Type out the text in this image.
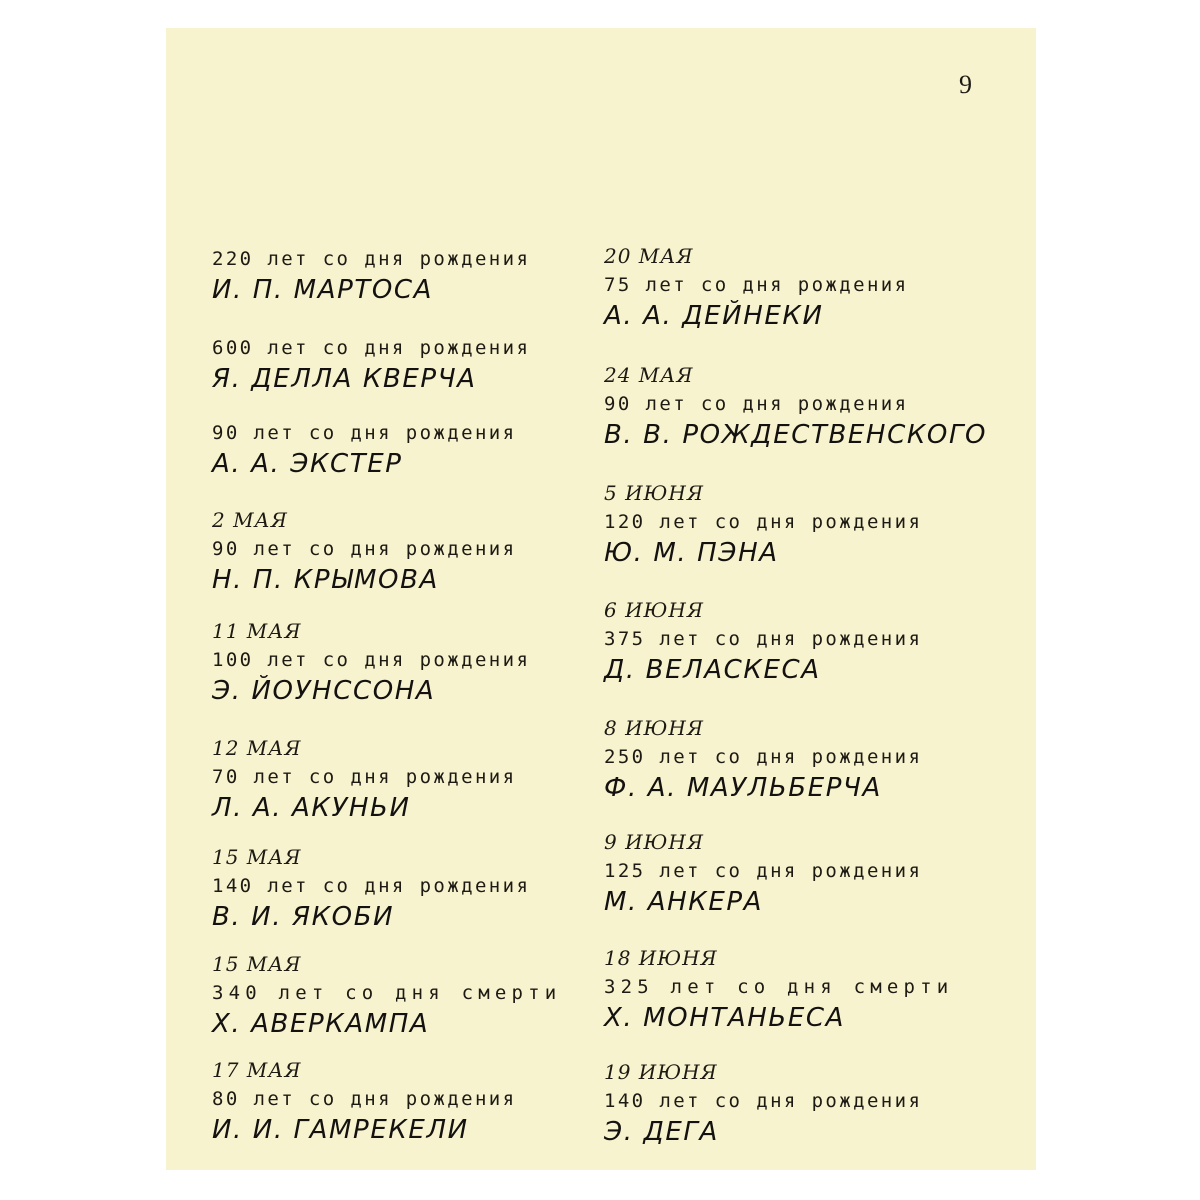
9
220 лет со дня рождения
И. П. МАРТОСА
600 лет со дня рождения
Я. ДЕЛЛА КВЕРЧА
90 лет со дня рождения
А. А. ЭКСТЕР
2 МАЯ
90 лет со дня рождения
Н. П. КРЫМОВА
11 МАЯ
100 лет со дня рождения
Э. ЙОУНССОНА
12 МАЯ
70 лет со дня рождения
Л. А. АКУНЬИ
15 МАЯ
140 лет со дня рождения
В. И. ЯКОБИ
15 МАЯ
340 лет со дня смерти
Х. АВЕРКАМПА
17 МАЯ
80 лет со дня рождения
И. И. ГАМРЕКЕЛИ
20 МАЯ
75 лет со дня рождения
А. А. ДЕЙНЕКИ
24 МАЯ
90 лет со дня рождения
В. В. РОЖДЕСТВЕНСКОГО
5 ИЮНЯ
120 лет со дня рождения
Ю. М. ПЭНА
6 ИЮНЯ
375 лет со дня рождения
Д. ВЕЛАСКЕСА
8 ИЮНЯ
250 лет со дня рождения
Ф. А. МАУЛЬБЕРЧА
9 ИЮНЯ
125 лет со дня рождения
М. АНКЕРА
18 ИЮНЯ
325 лет со дня смерти
Х. МОНТАНЬЕСА
19 ИЮНЯ
140 лет со дня рождения
Э. ДЕГА
